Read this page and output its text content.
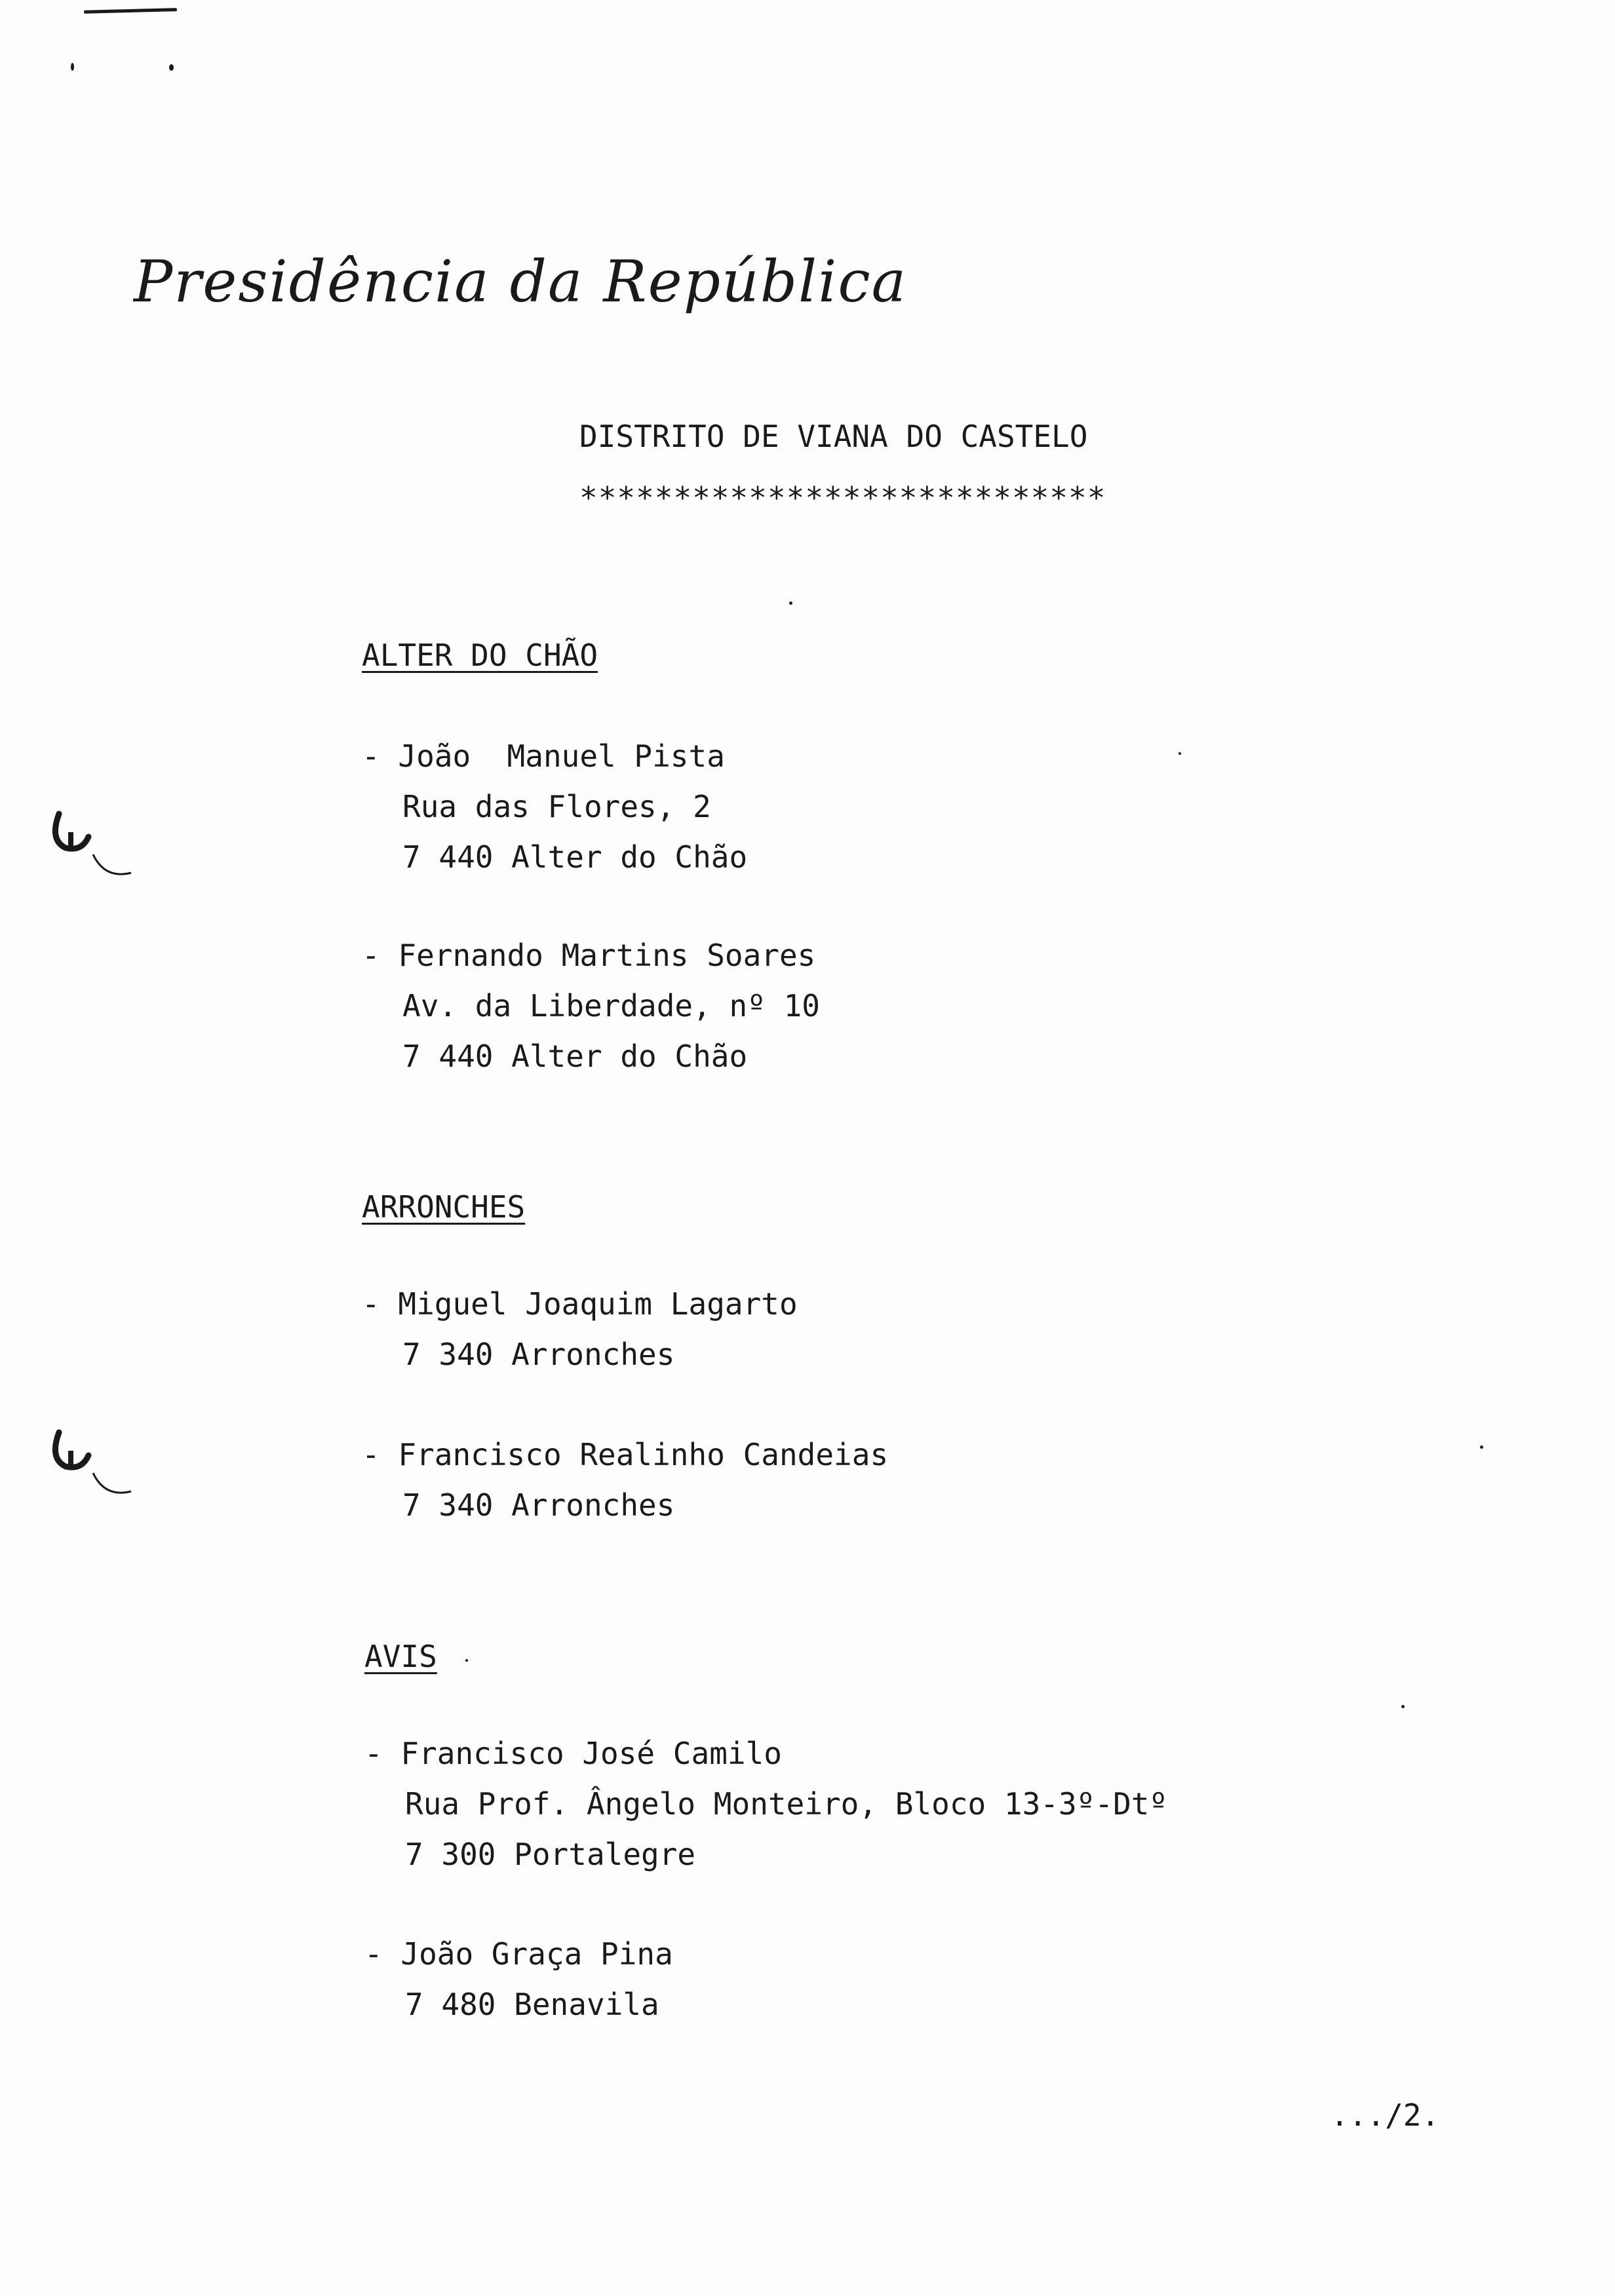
Presidência da República
DISTRITO DE VIANA DO CASTELO
****************************
ALTER DO CHÃO
- João  Manuel Pista
Rua das Flores, 2
7 440 Alter do Chão
- Fernando Martins Soares
Av. da Liberdade, nº 10
7 440 Alter do Chão
ARRONCHES
- Miguel Joaquim Lagarto
7 340 Arronches
- Francisco Realinho Candeias
7 340 Arronches
AVIS
- Francisco José Camilo
Rua Prof. Ângelo Monteiro, Bloco 13-3º-Dtº
7 300 Portalegre
- João Graça Pina
7 480 Benavila
.../2.
